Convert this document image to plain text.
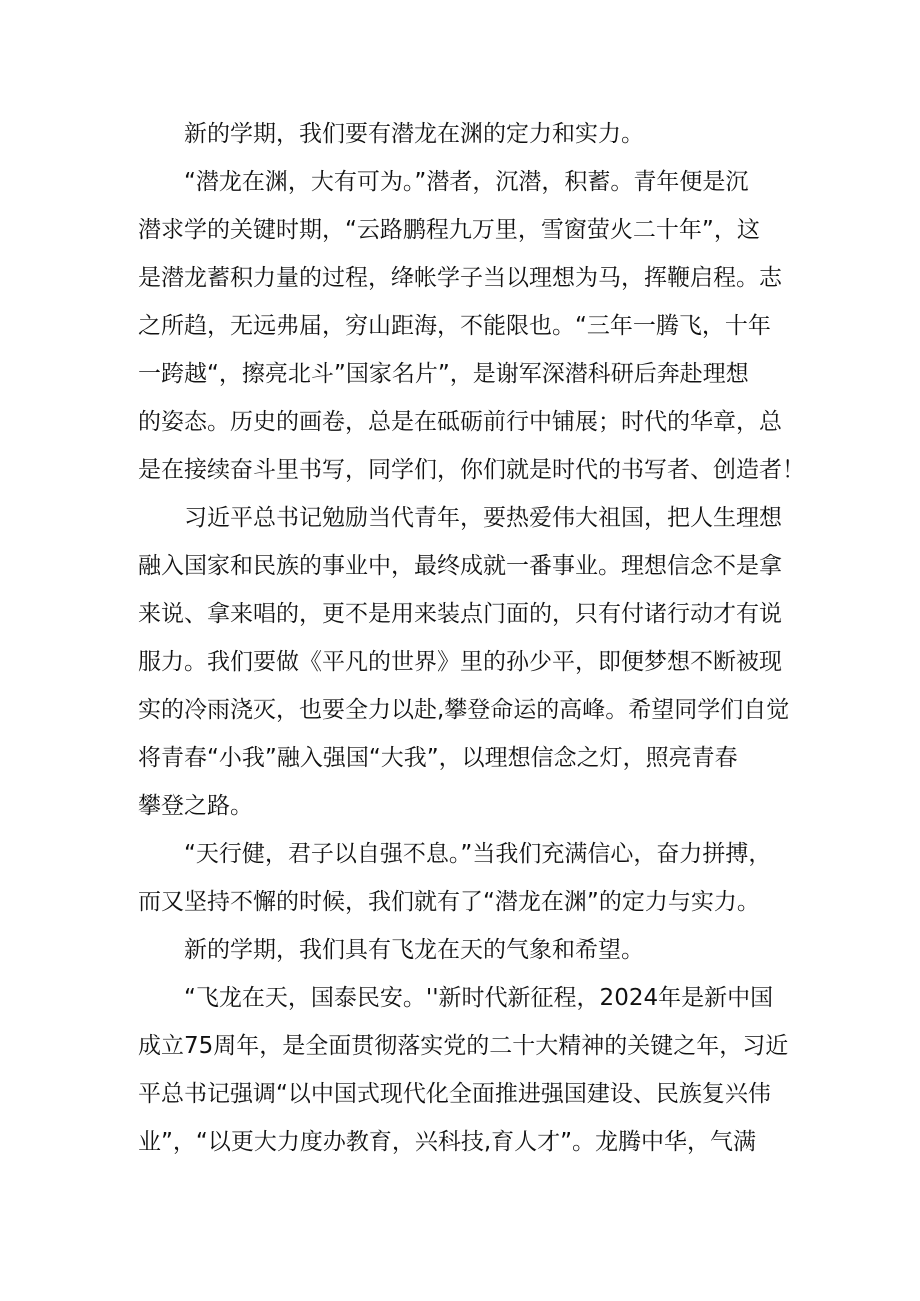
新的学期，我们要有潜龙在渊的定力和实力。
“潜龙在渊，大有可为。”潜者，沉潜，积蓄。青年便是沉
潜求学的关键时期，“云路鹏程九万里，雪窗萤火二十年”，这
是潜龙蓄积力量的过程，绛帐学子当以理想为马，挥鞭启程。志
之所趋，无远弗届，穷山距海，不能限也。“三年一腾飞，十年
一跨越“，擦亮北斗”国家名片”，是谢军深潜科研后奔赴理想
的姿态。历史的画卷，总是在砥砺前行中铺展；时代的华章，总
是在接续奋斗里书写，同学们，你们就是时代的书写者、创造者！
习近平总书记勉励当代青年，要热爱伟大祖国，把人生理想
融入国家和民族的事业中，最终成就一番事业。理想信念不是拿
来说、拿来唱的，更不是用来装点门面的，只有付诸行动才有说
服力。我们要做《平凡的世界》里的孙少平，即便梦想不断被现
实的冷雨浇灭，也要全力以赴,攀登命运的高峰。希望同学们自觉
将青春“小我”融入强国“大我”，以理想信念之灯，照亮青春
攀登之路。
“天行健，君子以自强不息。”当我们充满信心，奋力拼搏，
而又坚持不懈的时候，我们就有了“潜龙在渊”的定力与实力。
新的学期，我们具有飞龙在天的气象和希望。
“飞龙在天，国泰民安。''新时代新征程，2024年是新中国
成立75周年，是全面贯彻落实党的二十大精神的关键之年，习近
平总书记强调“以中国式现代化全面推进强国建设、民族复兴伟
业”，“以更大力度办教育，兴科技,育人才”。龙腾中华，气满
